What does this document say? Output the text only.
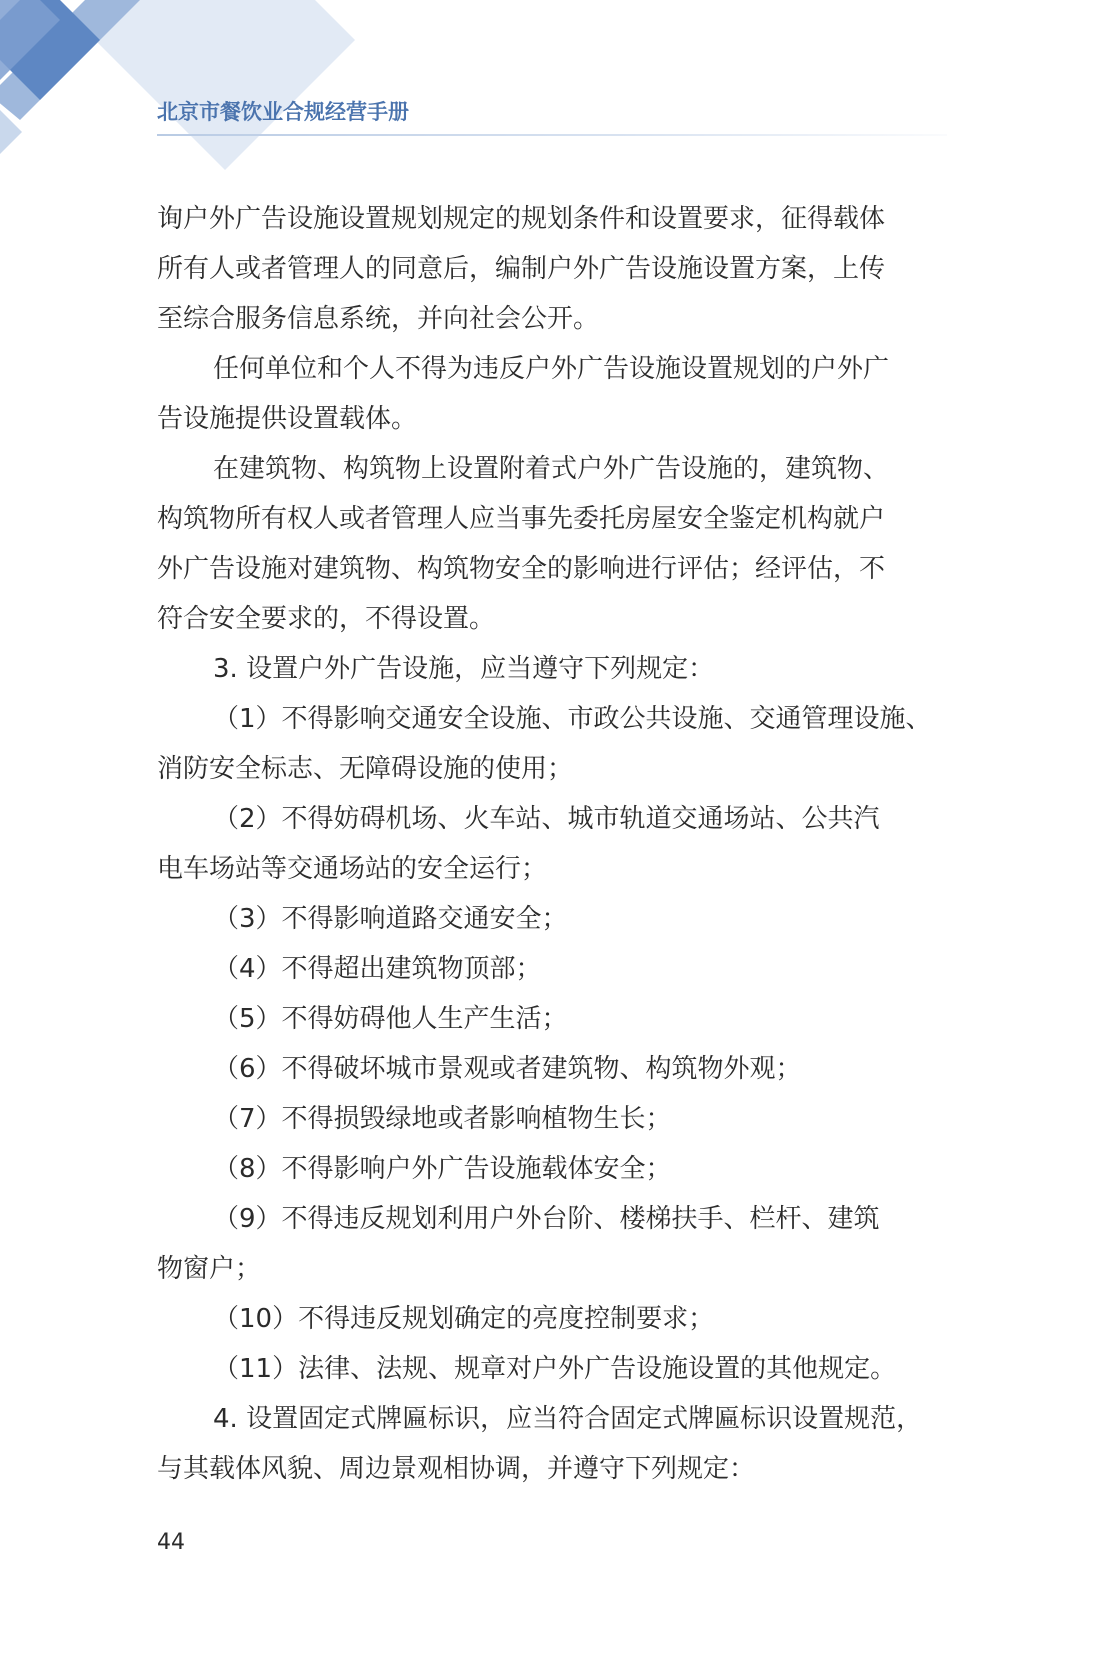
北京市餐饮业合规经营手册
询户外广告设施设置规划规定的规划条件和设置要求，征得载体
所有人或者管理人的同意后，编制户外广告设施设置方案，上传
至综合服务信息系统，并向社会公开。
任何单位和个人不得为违反户外广告设施设置规划的户外广
告设施提供设置载体。
在建筑物、构筑物上设置附着式户外广告设施的，建筑物、
构筑物所有权人或者管理人应当事先委托房屋安全鉴定机构就户
外广告设施对建筑物、构筑物安全的影响进行评估；经评估，不
符合安全要求的，不得设置。
3. 设置户外广告设施，应当遵守下列规定：
（1）不得影响交通安全设施、市政公共设施、交通管理设施、
消防安全标志、无障碍设施的使用；
（2）不得妨碍机场、火车站、城市轨道交通场站、公共汽
电车场站等交通场站的安全运行；
（3）不得影响道路交通安全；
（4）不得超出建筑物顶部；
（5）不得妨碍他人生产生活；
（6）不得破坏城市景观或者建筑物、构筑物外观；
（7）不得损毁绿地或者影响植物生长；
（8）不得影响户外广告设施载体安全；
（9）不得违反规划利用户外台阶、楼梯扶手、栏杆、建筑
物窗户；
（10）不得违反规划确定的亮度控制要求；
（11）法律、法规、规章对户外广告设施设置的其他规定。
4. 设置固定式牌匾标识，应当符合固定式牌匾标识设置规范，
与其载体风貌、周边景观相协调，并遵守下列规定：
44
